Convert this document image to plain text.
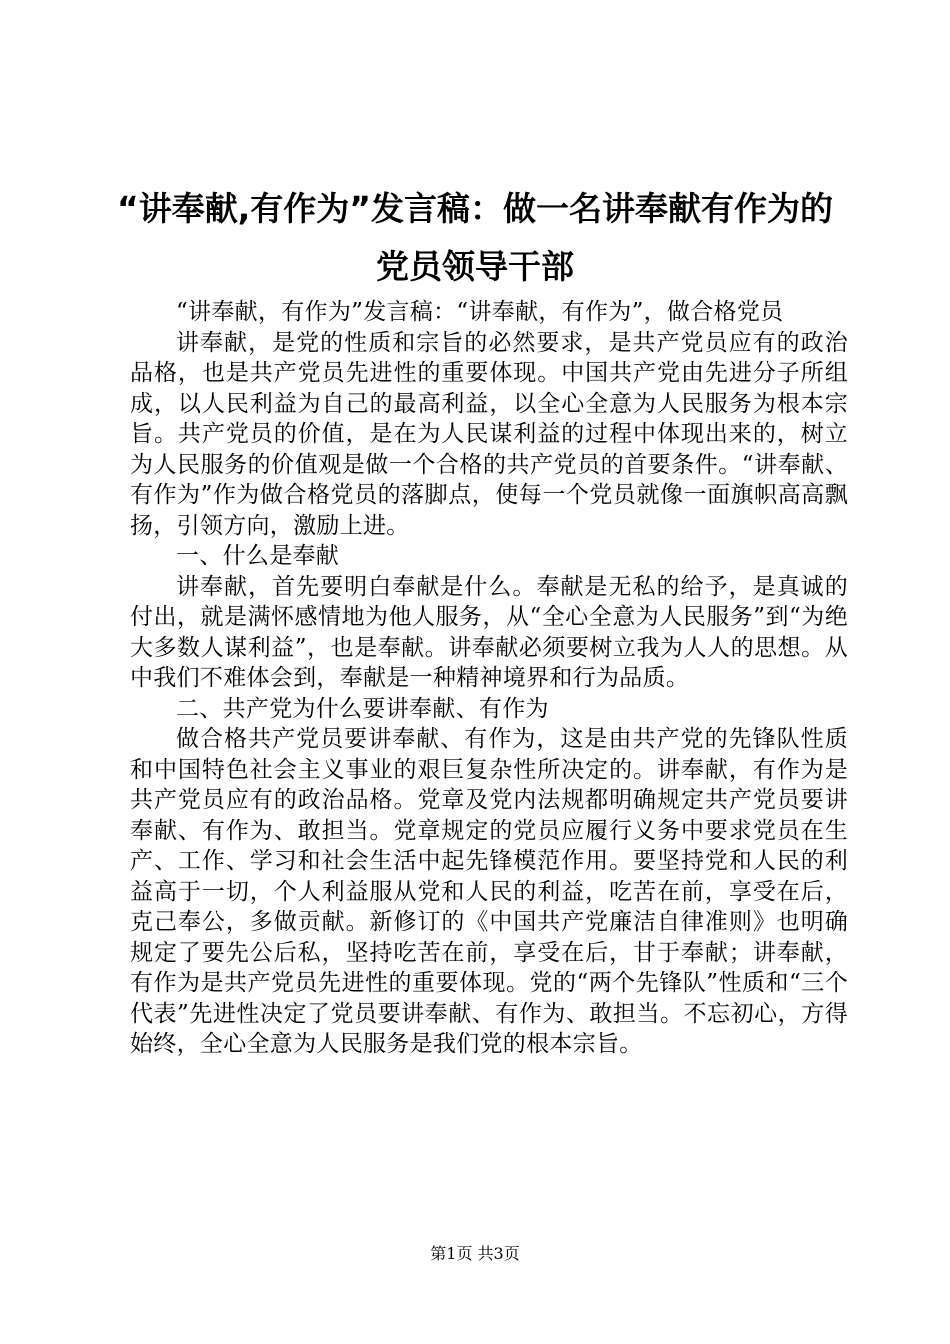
“讲奉献,有作为”发言稿：做一名讲奉献有作为的党员领导干部

“讲奉献，有作为”发言稿：“讲奉献，有作为”，做合格党员

讲奉献，是党的性质和宗旨的必然要求，是共产党员应有的政治品格，也是共产党员先进性的重要体现。中国共产党由先进分子所组成，以人民利益为自己的最高利益，以全心全意为人民服务为根本宗旨。共产党员的价值，是在为人民谋利益的过程中体现出来的，树立为人民服务的价值观是做一个合格的共产党员的首要条件。“讲奉献、有作为”作为做合格党员的落脚点，使每一个党员就像一面旗帜高高飘扬，引领方向，激励上进。

一、什么是奉献

讲奉献，首先要明白奉献是什么。奉献是无私的给予，是真诚的付出，就是满怀感情地为他人服务，从“全心全意为人民服务”到“为绝大多数人谋利益”，也是奉献。讲奉献必须要树立我为人人的思想。从中我们不难体会到，奉献是一种精神境界和行为品质。

二、共产党为什么要讲奉献、有作为

做合格共产党员要讲奉献、有作为，这是由共产党的先锋队性质和中国特色社会主义事业的艰巨复杂性所决定的。讲奉献，有作为是共产党员应有的政治品格。党章及党内法规都明确规定共产党员要讲奉献、有作为、敢担当。党章规定的党员应履行义务中要求党员在生产、工作、学习和社会生活中起先锋模范作用。要坚持党和人民的利益高于一切，个人利益服从党和人民的利益，吃苦在前，享受在后，克己奉公，多做贡献。新修订的《中国共产党廉洁自律准则》也明确规定了要先公后私，坚持吃苦在前，享受在后，甘于奉献；讲奉献，有作为是共产党员先进性的重要体现。党的“两个先锋队”性质和“三个代表”先进性决定了党员要讲奉献、有作为、敢担当。不忘初心，方得始终，全心全意为人民服务是我们党的根本宗旨。

第1页 共3页
